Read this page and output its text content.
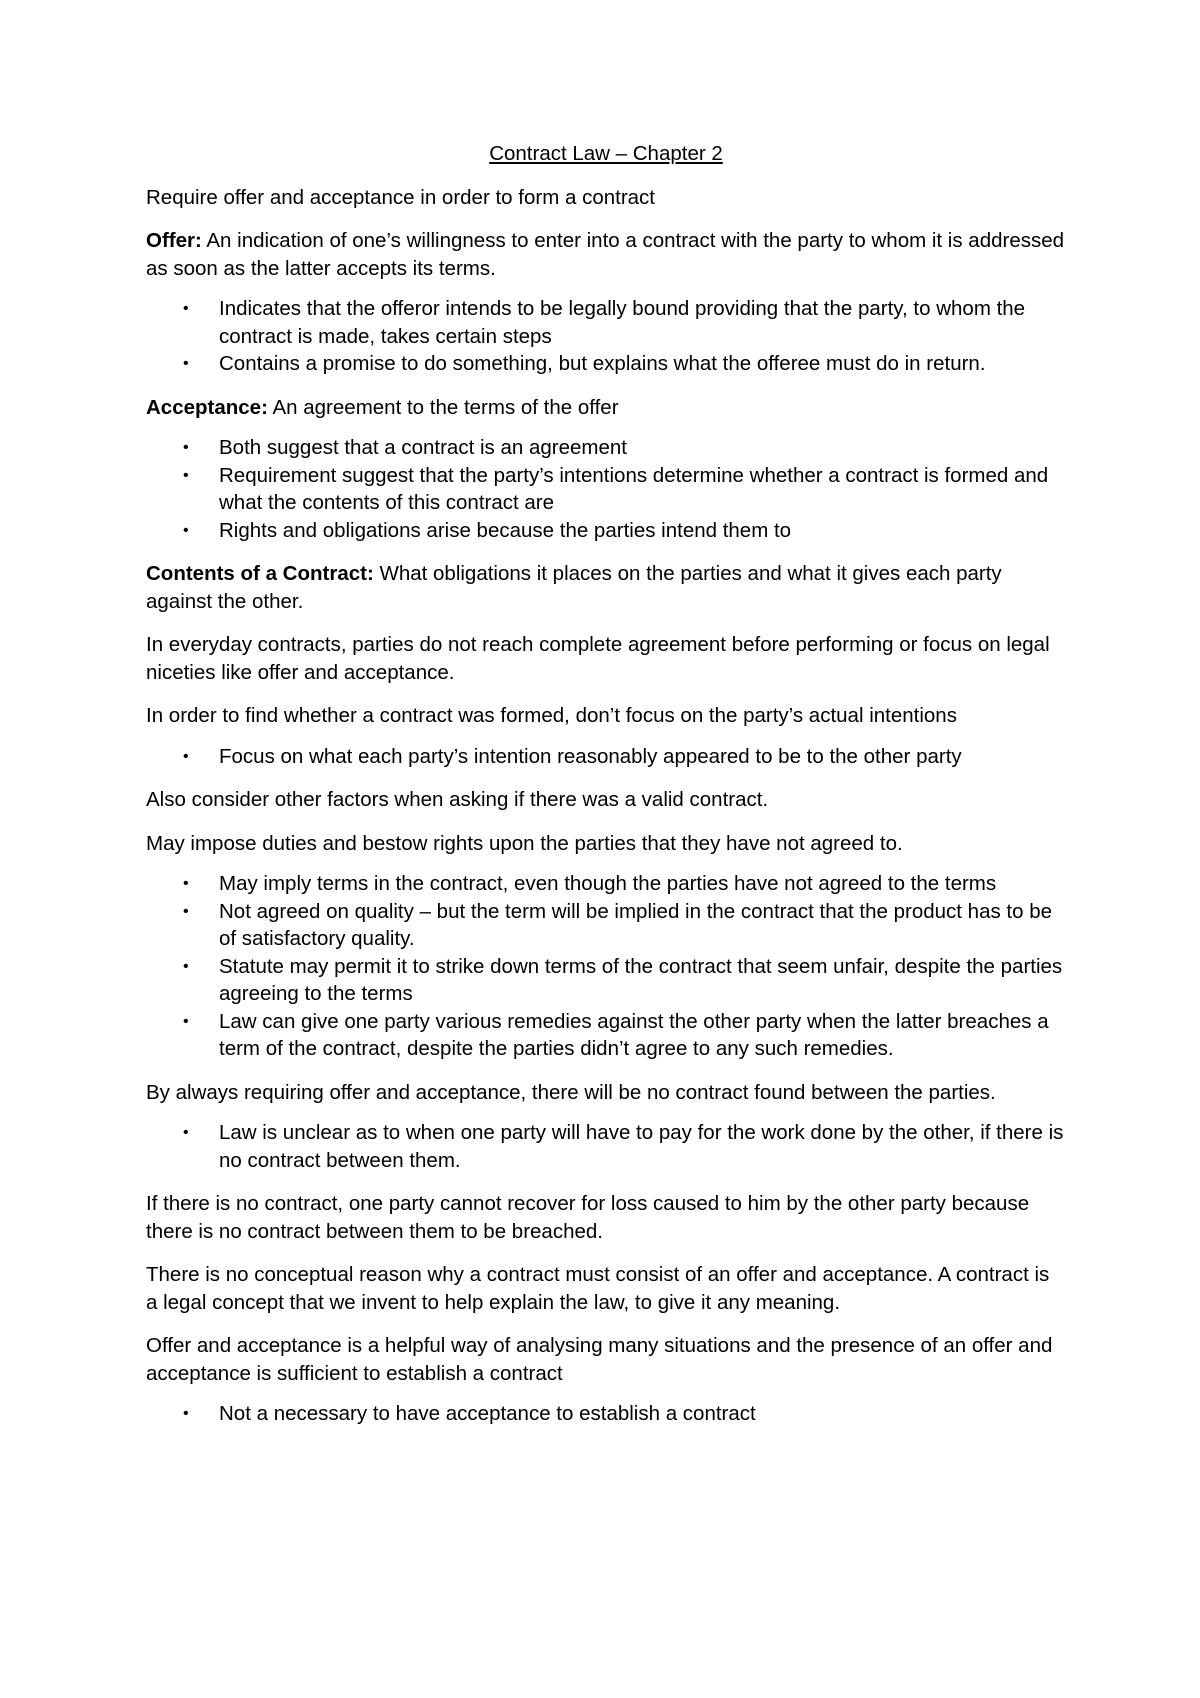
Contract Law – Chapter 2

Require offer and acceptance in order to form a contract

Offer: An indication of one’s willingness to enter into a contract with the party to whom it is addressed as soon as the latter accepts its terms.

• Indicates that the offeror intends to be legally bound providing that the party, to whom the contract is made, takes certain steps
• Contains a promise to do something, but explains what the offeree must do in return.

Acceptance: An agreement to the terms of the offer

• Both suggest that a contract is an agreement
• Requirement suggest that the party’s intentions determine whether a contract is formed and what the contents of this contract are
• Rights and obligations arise because the parties intend them to

Contents of a Contract: What obligations it places on the parties and what it gives each party against the other.

In everyday contracts, parties do not reach complete agreement before performing or focus on legal niceties like offer and acceptance.

In order to find whether a contract was formed, don’t focus on the party’s actual intentions

• Focus on what each party’s intention reasonably appeared to be to the other party

Also consider other factors when asking if there was a valid contract.

May impose duties and bestow rights upon the parties that they have not agreed to.

• May imply terms in the contract, even though the parties have not agreed to the terms
• Not agreed on quality – but the term will be implied in the contract that the product has to be of satisfactory quality.
• Statute may permit it to strike down terms of the contract that seem unfair, despite the parties agreeing to the terms
• Law can give one party various remedies against the other party when the latter breaches a term of the contract, despite the parties didn’t agree to any such remedies.

By always requiring offer and acceptance, there will be no contract found between the parties.

• Law is unclear as to when one party will have to pay for the work done by the other, if there is no contract between them.

If there is no contract, one party cannot recover for loss caused to him by the other party because there is no contract between them to be breached.

There is no conceptual reason why a contract must consist of an offer and acceptance. A contract is a legal concept that we invent to help explain the law, to give it any meaning.

Offer and acceptance is a helpful way of analysing many situations and the presence of an offer and acceptance is sufficient to establish a contract

• Not a necessary to have acceptance to establish a contract
